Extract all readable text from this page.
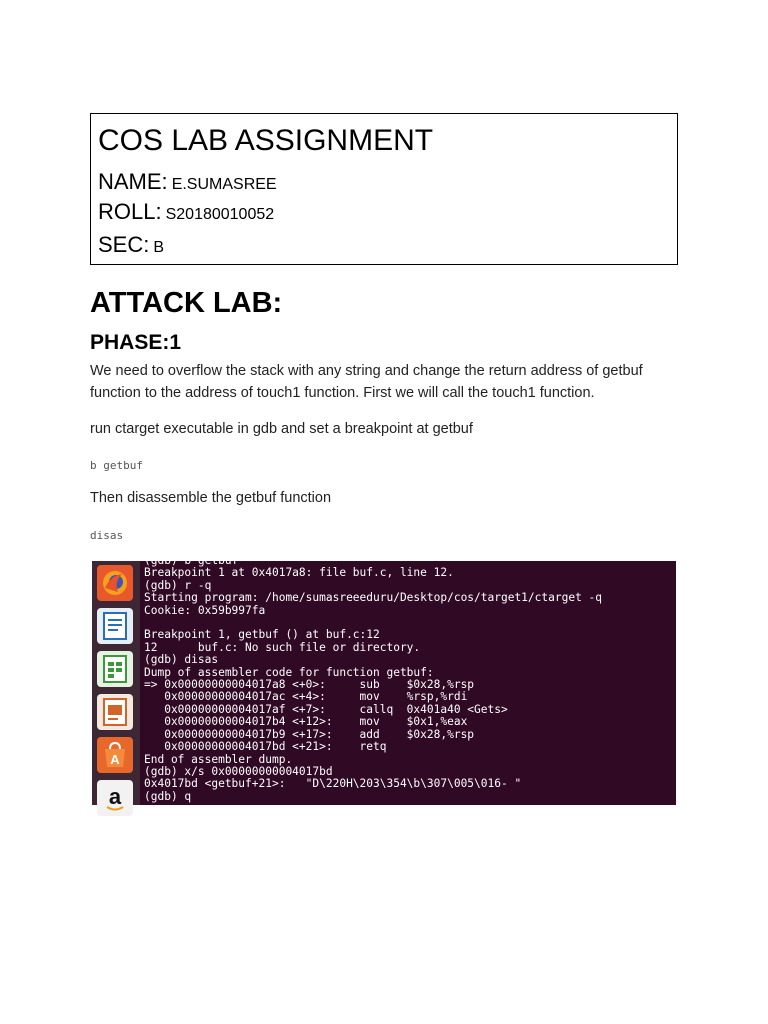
COS LAB ASSIGNMENT
NAME: E.SUMASREE
ROLL: S20180010052
SEC: B
ATTACK LAB:
PHASE:1
We need to overflow the stack with any string and change the return address of getbuf function to the address of touch1 function. First we will call the touch1 function.
run ctarget executable in gdb and set a breakpoint at getbuf
b getbuf
Then disassemble the getbuf function
disas
A
a
(gdb) b getbuf
Breakpoint 1 at 0x4017a8: file buf.c, line 12.
(gdb) r -q
Starting program: /home/sumasreeeduru/Desktop/cos/target1/ctarget -q
Cookie: 0x59b997fa

Breakpoint 1, getbuf () at buf.c:12
12      buf.c: No such file or directory.
(gdb) disas
Dump of assembler code for function getbuf:
=> 0x00000000004017a8 <+0>:     sub    $0x28,%rsp
0x00000000004017ac <+4>:     mov    %rsp,%rdi
0x00000000004017af <+7>:     callq  0x401a40 <Gets>
0x00000000004017b4 <+12>:    mov    $0x1,%eax
0x00000000004017b9 <+17>:    add    $0x28,%rsp
0x00000000004017bd <+21>:    retq
End of assembler dump.
(gdb) x/s 0x00000000004017bd
0x4017bd <getbuf+21>:   "D\220H\203\354\b\307\005\016- "
(gdb) q
